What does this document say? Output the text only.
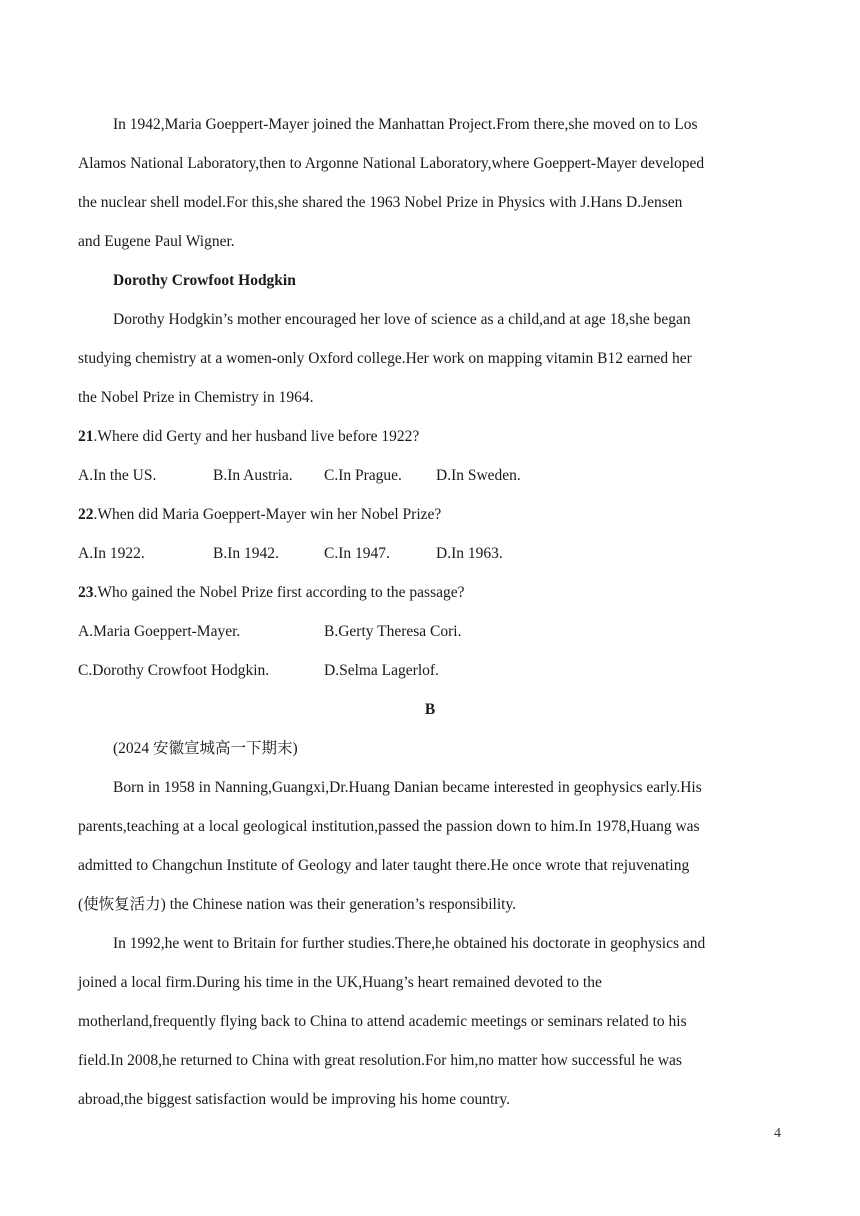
In 1942,Maria Goeppert-Mayer joined the Manhattan Project.From there,she moved on to Los
Alamos National Laboratory,then to Argonne National Laboratory,where Goeppert-Mayer developed
the nuclear shell model.For this,she shared the 1963 Nobel Prize in Physics with J.Hans D.Jensen
and Eugene Paul Wigner.
Dorothy Crowfoot Hodgkin
Dorothy Hodgkin’s mother encouraged her love of science as a child,and at age 18,she began
studying chemistry at a women-only Oxford college.Her work on mapping vitamin B12 earned her
the Nobel Prize in Chemistry in 1964.
21.Where did Gerty and her husband live before 1922?
A.In the US.	B.In Austria. C.In Prague. D.In Sweden.
22.When did Maria Goeppert-Mayer win her Nobel Prize?
A.In 1922.	B.In 1942.	C.In 1947.	D.In 1963.
23.Who gained the Nobel Prize first according to the passage?
A.Maria Goeppert-Mayer.	B.Gerty Theresa Cori.
C.Dorothy Crowfoot Hodgkin.	D.Selma Lagerlof.
B
(2024 安徽宣城高一下期末)
Born in 1958 in Nanning,Guangxi,Dr.Huang Danian became interested in geophysics early.His
parents,teaching at a local geological institution,passed the passion down to him.In 1978,Huang was
admitted to Changchun Institute of Geology and later taught there.He once wrote that rejuvenating
(使恢复活力) the Chinese nation was their generation’s responsibility.
In 1992,he went to Britain for further studies.There,he obtained his doctorate in geophysics and
joined a local firm.During his time in the UK,Huang’s heart remained devoted to the
motherland,frequently flying back to China to attend academic meetings or seminars related to his
field.In 2008,he returned to China with great resolution.For him,no matter how successful he was
abroad,the biggest satisfaction would be improving his home country.
4
